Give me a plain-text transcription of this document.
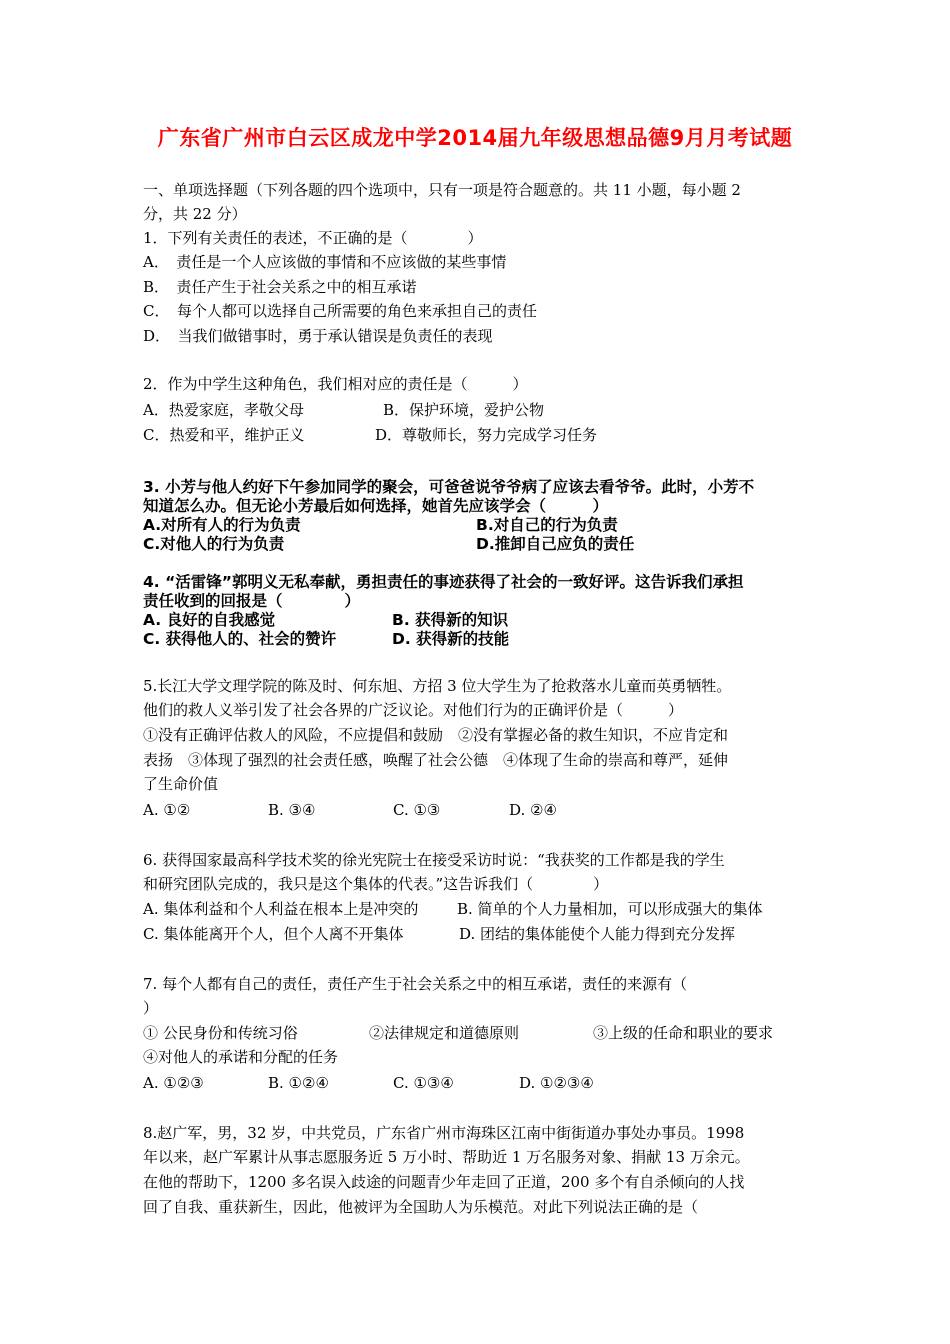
广东省广州市白云区成龙中学2014届九年级思想品德9月月考试题
一、单项选择题（下列各题的四个选项中，只有一项是符合题意的。共 11 小题，每小题 2
分，共 22 分）
1．下列有关责任的表述，不正确的是（　　　　）
A．　责任是一个人应该做的事情和不应该做的某些事情
B．　责任产生于社会关系之中的相互承诺
C．　每个人都可以选择自己所需要的角色来承担自己的责任
D．　当我们做错事时，勇于承认错误是负责任的表现
2．作为中学生这种角色，我们相对应的责任是（　　　）
A．热爱家庭，孝敬父母	B．保护环境，爱护公物
C．热爱和平，维护正义	D．尊敬师长，努力完成学习任务
3. 小芳与他人约好下午参加同学的聚会，可爸爸说爷爷病了应该去看爷爷。此时，小芳不
知道怎么办。但无论小芳最后如何选择，她首先应该学会（　　　）
A.对所有人的行为负责	B.对自己的行为负责
C.对他人的行为负责	D.推卸自己应负的责任
4. “活雷锋”郭明义无私奉献，勇担责任的事迹获得了社会的一致好评。这告诉我们承担
责任收到的回报是（　　　　）
A. 良好的自我感觉	B. 获得新的知识
C. 获得他人的、社会的赞许	D. 获得新的技能
5.长江大学文理学院的陈及时、何东旭、方招 3 位大学生为了抢救落水儿童而英勇牺牲。
他们的救人义举引发了社会各界的广泛议论。对他们行为的正确评价是（　　　）
①没有正确评估救人的风险，不应提倡和鼓励　②没有掌握必备的救生知识，不应肯定和
表扬　③体现了强烈的社会责任感，唤醒了社会公德　④体现了生命的崇高和尊严，延伸
了生命价值
A. ①②	B. ③④	C. ①③	D. ②④
6. 获得国家最高科学技术奖的徐光宪院士在接受采访时说：“我获奖的工作都是我的学生
和研究团队完成的，我只是这个集体的代表。”这告诉我们（　　　　）
A. 集体利益和个人利益在根本上是冲突的	B. 简单的个人力量相加，可以形成强大的集体
C. 集体能离开个人，但个人离不开集体	D. 团结的集体能使个人能力得到充分发挥
7. 每个人都有自己的责任，责任产生于社会关系之中的相互承诺，责任的来源有（
）
① 公民身份和传统习俗	②法律规定和道德原则	③上级的任命和职业的要求
④对他人的承诺和分配的任务
A. ①②③	B. ①②④	C. ①③④	D. ①②③④
8.赵广军，男，32 岁，中共党员，广东省广州市海珠区江南中街街道办事处办事员。1998
年以来，赵广军累计从事志愿服务近 5 万小时、帮助近 1 万名服务对象、捐献 13 万余元。
在他的帮助下，1200 多名误入歧途的问题青少年走回了正道，200 多个有自杀倾向的人找
回了自我、重获新生，因此，他被评为全国助人为乐模范。对此下列说法正确的是（
